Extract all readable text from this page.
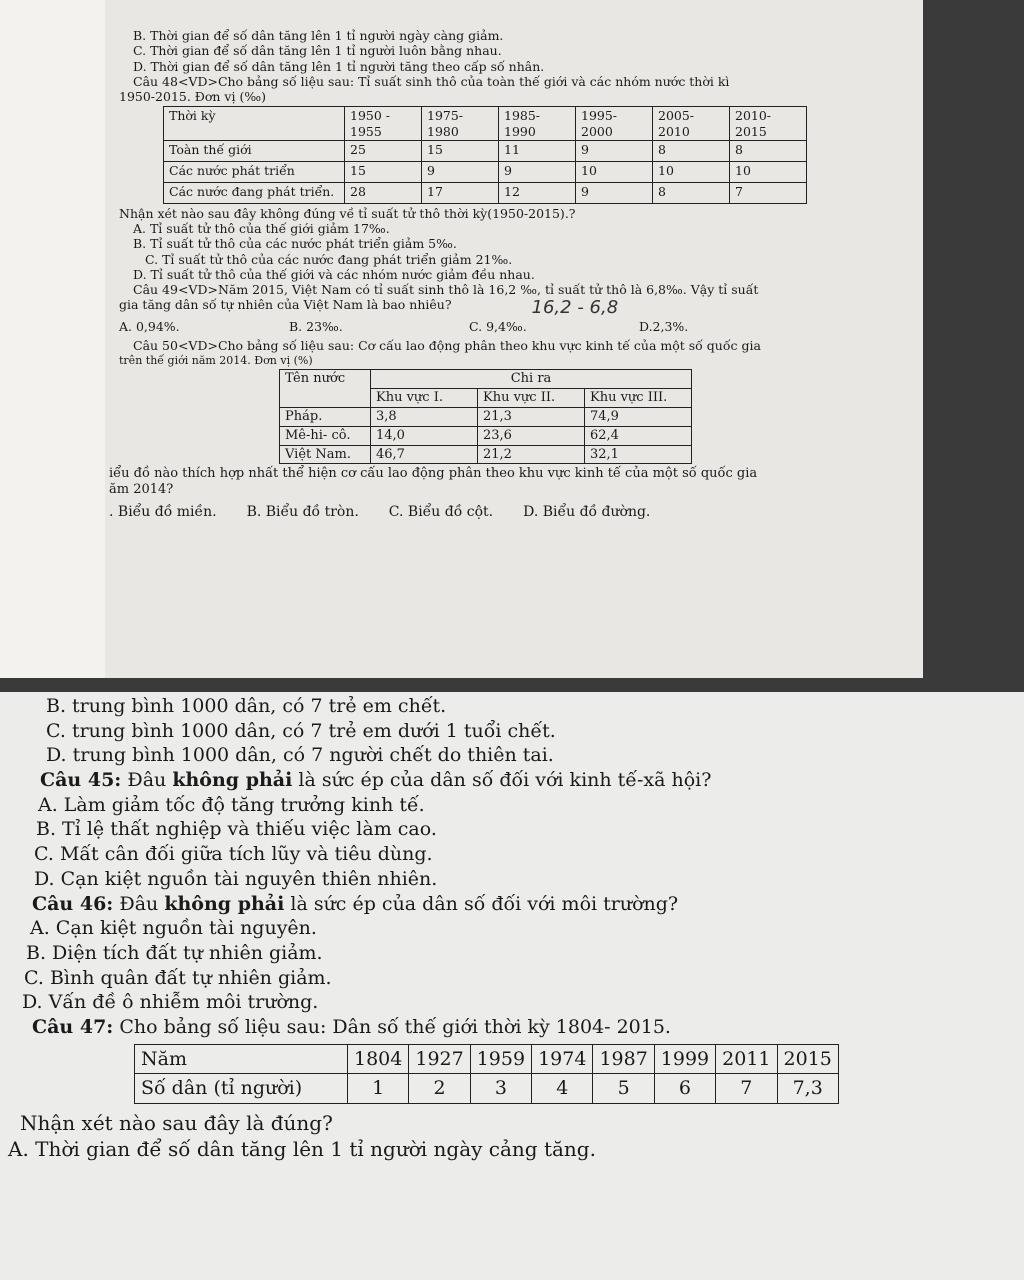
B. Thời gian để số dân tăng lên 1 tỉ người ngày càng giảm.

C. Thời gian để số dân tăng lên 1 tỉ người luôn bằng nhau.

D. Thời gian để số dân tăng lên 1 tỉ người tăng theo cấp số nhân.

Câu 48<VD>Cho bảng số liệu sau: Tỉ suất sinh thô của toàn thế giới và các nhóm nước thời kì

1950-2015. Đơn vị (‰)

Thời kỳ	1950 - 1955	1975- 1980	1985- 1990	1995- 2000	2005- 2010	2010- 2015
Toàn thế giới	25	15	11	9	8	8
Các nước phát triển	15	9	9	10	10	10
Các nước đang phát triển.	28	17	12	9	8	7

Nhận xét nào sau đây không đúng về tỉ suất tử thô thời kỳ(1950-2015).?

A. Tỉ suất tử thô của thế giới giảm 17‰.

B. Tỉ suất tử thô của các nước phát triển giảm 5‰.

C. Tỉ suất tử thô của các nước đang phát triển giảm 21‰.

D. Tỉ suất tử thô của thế giới và các nhóm nước giảm đều nhau.

Câu 49<VD>Năm 2015, Việt Nam có tỉ suất sinh thô là 16,2 ‰, tỉ suất tử thô là 6,8‰. Vậy tỉ suất

gia tăng dân số tự nhiên của Việt Nam là bao nhiêu?	16,2 - 6,8
A. 0,94%.	B. 23‰.	C. 9,4‰.	D.2,3%.

Câu 50<VD>Cho bảng số liệu sau: Cơ cấu lao động phân theo khu vực kinh tế của một số quốc gia

trên thế giới năm 2014. Đơn vị (%)

Tên nước	Chi ra		
	Khu vực I.	Khu vực II.	Khu vực III.
Pháp.	3,8	21,3	74,9
Mê-hi- cô.	14,0	23,6	62,4
Việt Nam.	46,7	21,2	32,1

iểu đồ nào thích hợp nhất thể hiện cơ cấu lao động phân theo khu vực kinh tế của một số quốc gia

ăm 2014?

. Biểu đồ miền. B. Biểu đồ tròn. C. Biểu đồ cột. D. Biểu đồ đường.

B. trung bình 1000 dân, có 7 trẻ em chết.

C. trung bình 1000 dân, có 7 trẻ em dưới 1 tuổi chết.

D. trung bình 1000 dân, có 7 người chết do thiên tai.

Câu 45: Đâu không phải là sức ép của dân số đối với kinh tế-xã hội?

A. Làm giảm tốc độ tăng trưởng kinh tế.

B. Tỉ lệ thất nghiệp và thiếu việc làm cao.

C. Mất cân đối giữa tích lũy và tiêu dùng.

D. Cạn kiệt nguồn tài nguyên thiên nhiên.

Câu 46: Đâu không phải là sức ép của dân số đối với môi trường?

A. Cạn kiệt nguồn tài nguyên.

B. Diện tích đất tự nhiên giảm.

C. Bình quân đất tự nhiên giảm.

D. Vấn đề ô nhiễm môi trường.

Câu 47: Cho bảng số liệu sau: Dân số thế giới thời kỳ 1804- 2015.

Năm	1804	1927	1959	1974	1987	1999	2011	2015
Số dân (tỉ người)	1	2	3	4	5	6	7	7,3

Nhận xét nào sau đây là đúng?

A. Thời gian để số dân tăng lên 1 tỉ người ngày cảng tăng.
